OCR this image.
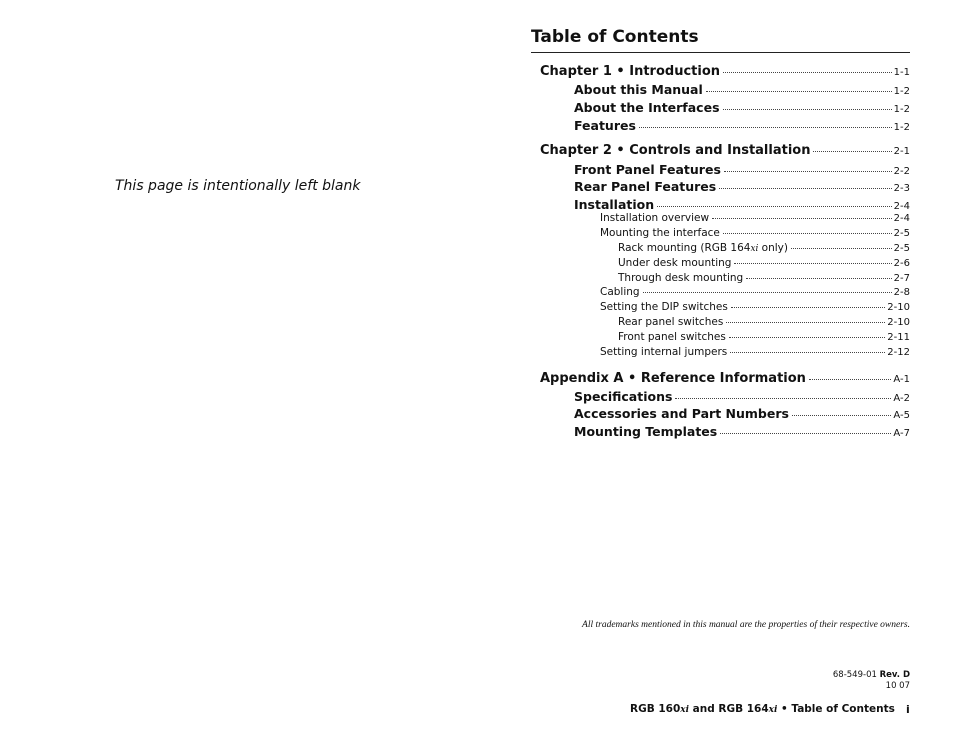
This page is intentionally left blank
Table of Contents
Chapter 1 • Introduction	1-1
About this Manual	1-2
About the Interfaces	1-2
Features	1-2
Chapter 2 • Controls and Installation	2-1
Front Panel Features	2-2
Rear Panel Features	2-3
Installation	2-4
Installation overview	2-4
Mounting the interface	2-5
Rack mounting (RGB 164xi only)	2-5
Under desk mounting	2-6
Through desk mounting	2-7
Cabling	2-8
Setting the DIP switches	2-10
Rear panel switches	2-10
Front panel switches	2-11
Setting internal jumpers	2-12
Appendix A • Reference Information	A-1
Specifications	A-2
Accessories and Part Numbers	A-5
Mounting Templates	A-7
All trademarks mentioned in this manual are the properties of their respective owners.
68-549-01 Rev. D
10 07
RGB 160xi and RGB 164xi • Table of Contents i
